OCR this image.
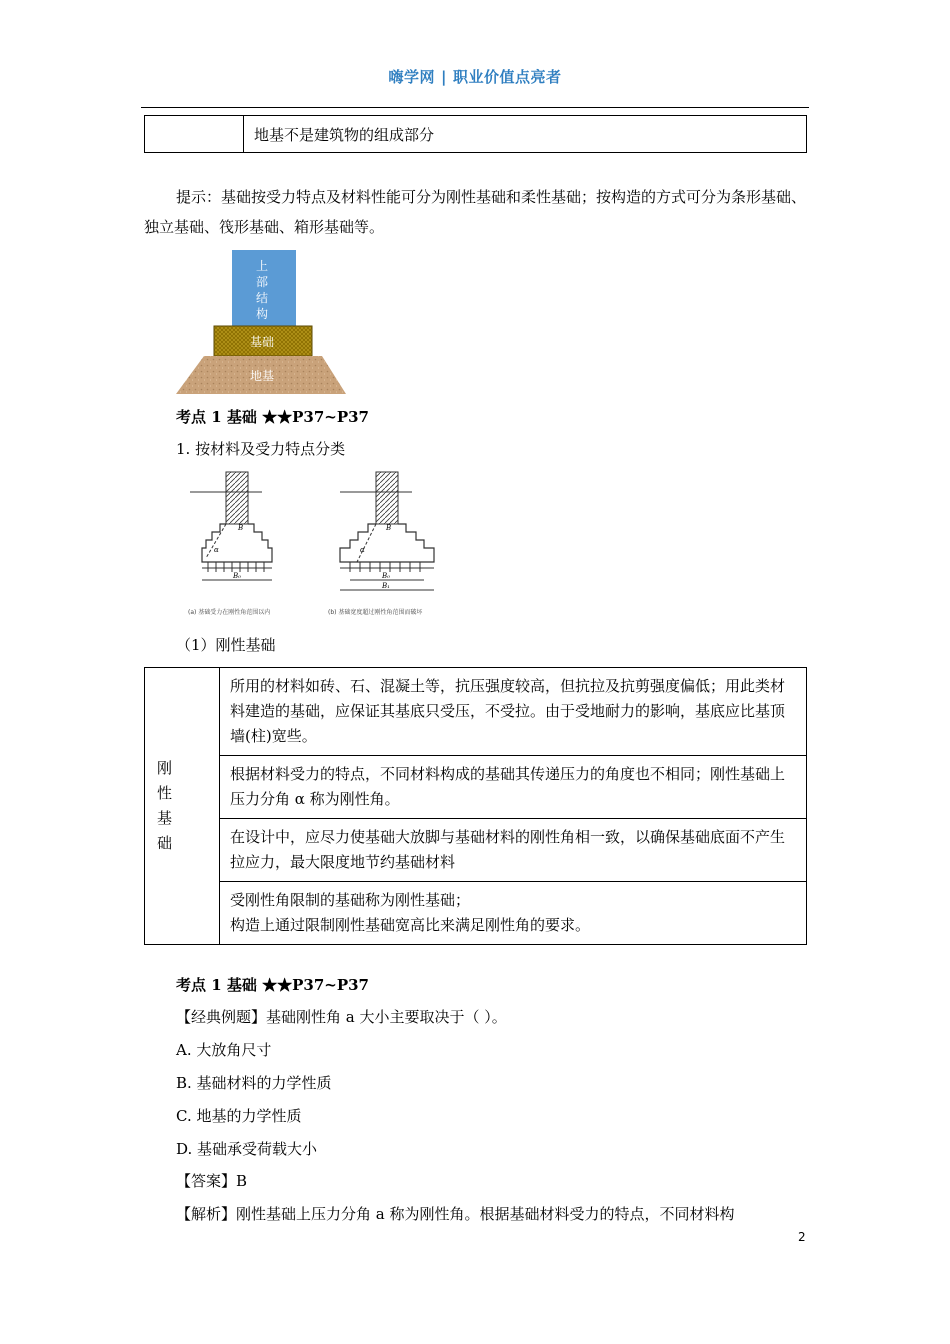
嗨学网 | 职业价值点亮者
	地基不是建筑物的组成部分
提示：基础按受力特点及材料性能可分为刚性基础和柔性基础；按构造的方式可分为条形基础、独立基础、筏形基础、箱形基础等。
上
部
结
构
基础
地基
考点 1 基础 ★★P37~P37
1. 按材料及受力特点分类
B
α
B₀
(a) 基础受力在刚性角范围以内
B
α
B₀
B₁
(b) 基础宽度超过刚性角范围而破坏
（1）刚性基础
刚
性
基
础
	所用的材料如砖、石、混凝土等，抗压强度较高，但抗拉及抗剪强度偏低；用此类材料建造的基础，应保证其基底只受压，不受拉。由于受地耐力的影响，基底应比基顶墙(柱)宽些。
根据材料受力的特点，不同材料构成的基础其传递压力的角度也不相同；刚性基础上压力分角 α 称为刚性角。
在设计中，应尽力使基础大放脚与基础材料的刚性角相一致，以确保基础底面不产生拉应力，最大限度地节约基础材料

受刚性角限制的基础称为刚性基础；
构造上通过限制刚性基础宽高比来满足刚性角的要求。
考点 1 基础 ★★P37~P37
【经典例题】基础刚性角 a 大小主要取决于（ ）。
A. 大放角尺寸
B. 基础材料的力学性质
C. 地基的力学性质
D. 基础承受荷载大小
【答案】B
【解析】刚性基础上压力分角 a 称为刚性角。根据基础材料受力的特点，不同材料构
2
